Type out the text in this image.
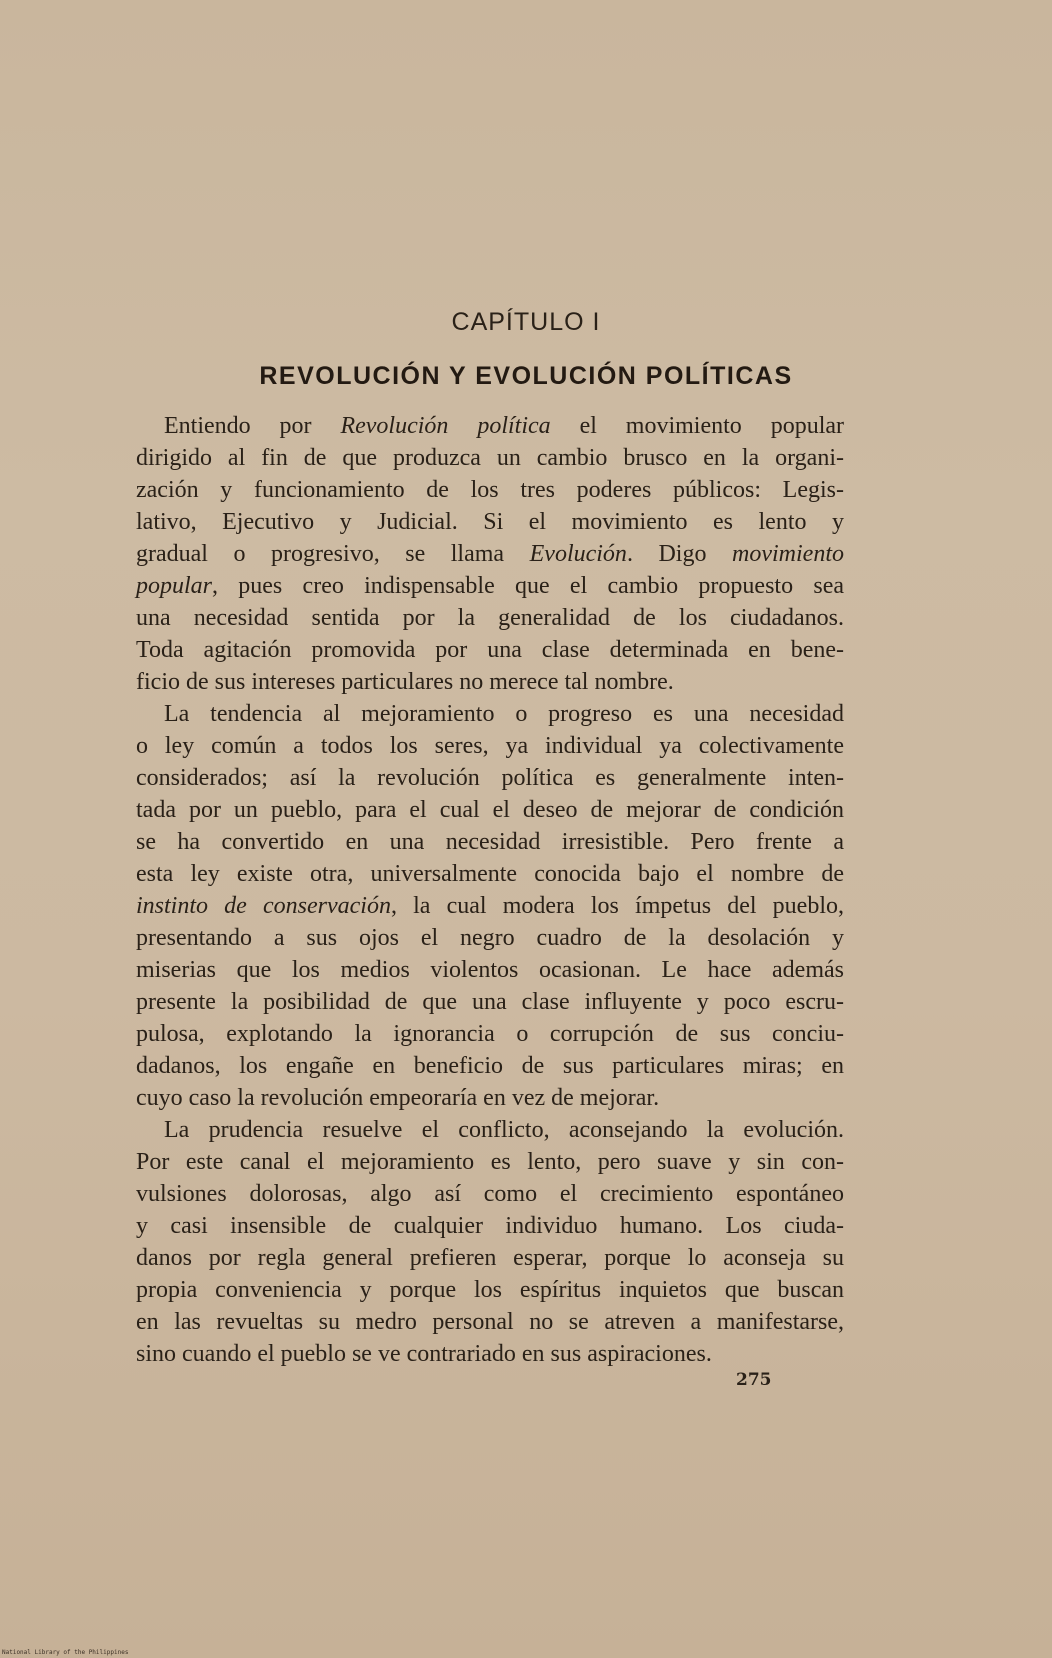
CAPÍTULO I
REVOLUCIÓN Y EVOLUCIÓN POLÍTICAS
Entiendo por Revolución política el movimiento popular
dirigido al fin de que produzca un cambio brusco en la organi-
zación y funcionamiento de los tres poderes públicos: Legis-
lativo, Ejecutivo y Judicial. Si el movimiento es lento y
gradual o progresivo, se llama Evolución. Digo movimiento
popular, pues creo indispensable que el cambio propuesto sea
una necesidad sentida por la generalidad de los ciudadanos.
Toda agitación promovida por una clase determinada en bene-
ficio de sus intereses particulares no merece tal nombre.
La tendencia al mejoramiento o progreso es una necesidad
o ley común a todos los seres, ya individual ya colectivamente
considerados; así la revolución política es generalmente inten-
tada por un pueblo, para el cual el deseo de mejorar de condición
se ha convertido en una necesidad irresistible. Pero frente a
esta ley existe otra, universalmente conocida bajo el nombre de
instinto de conservación, la cual modera los ímpetus del pueblo,
presentando a sus ojos el negro cuadro de la desolación y
miserias que los medios violentos ocasionan. Le hace además
presente la posibilidad de que una clase influyente y poco escru-
pulosa, explotando la ignorancia o corrupción de sus conciu-
dadanos, los engañe en beneficio de sus particulares miras; en
cuyo caso la revolución empeoraría en vez de mejorar.
La prudencia resuelve el conflicto, aconsejando la evolución.
Por este canal el mejoramiento es lento, pero suave y sin con-
vulsiones dolorosas, algo así como el crecimiento espontáneo
y casi insensible de cualquier individuo humano. Los ciuda-
danos por regla general prefieren esperar, porque lo aconseja su
propia conveniencia y porque los espíritus inquietos que buscan
en las revueltas su medro personal no se atreven a manifestarse,
sino cuando el pueblo se ve contrariado en sus aspiraciones.
275
National Library of the Philippines
